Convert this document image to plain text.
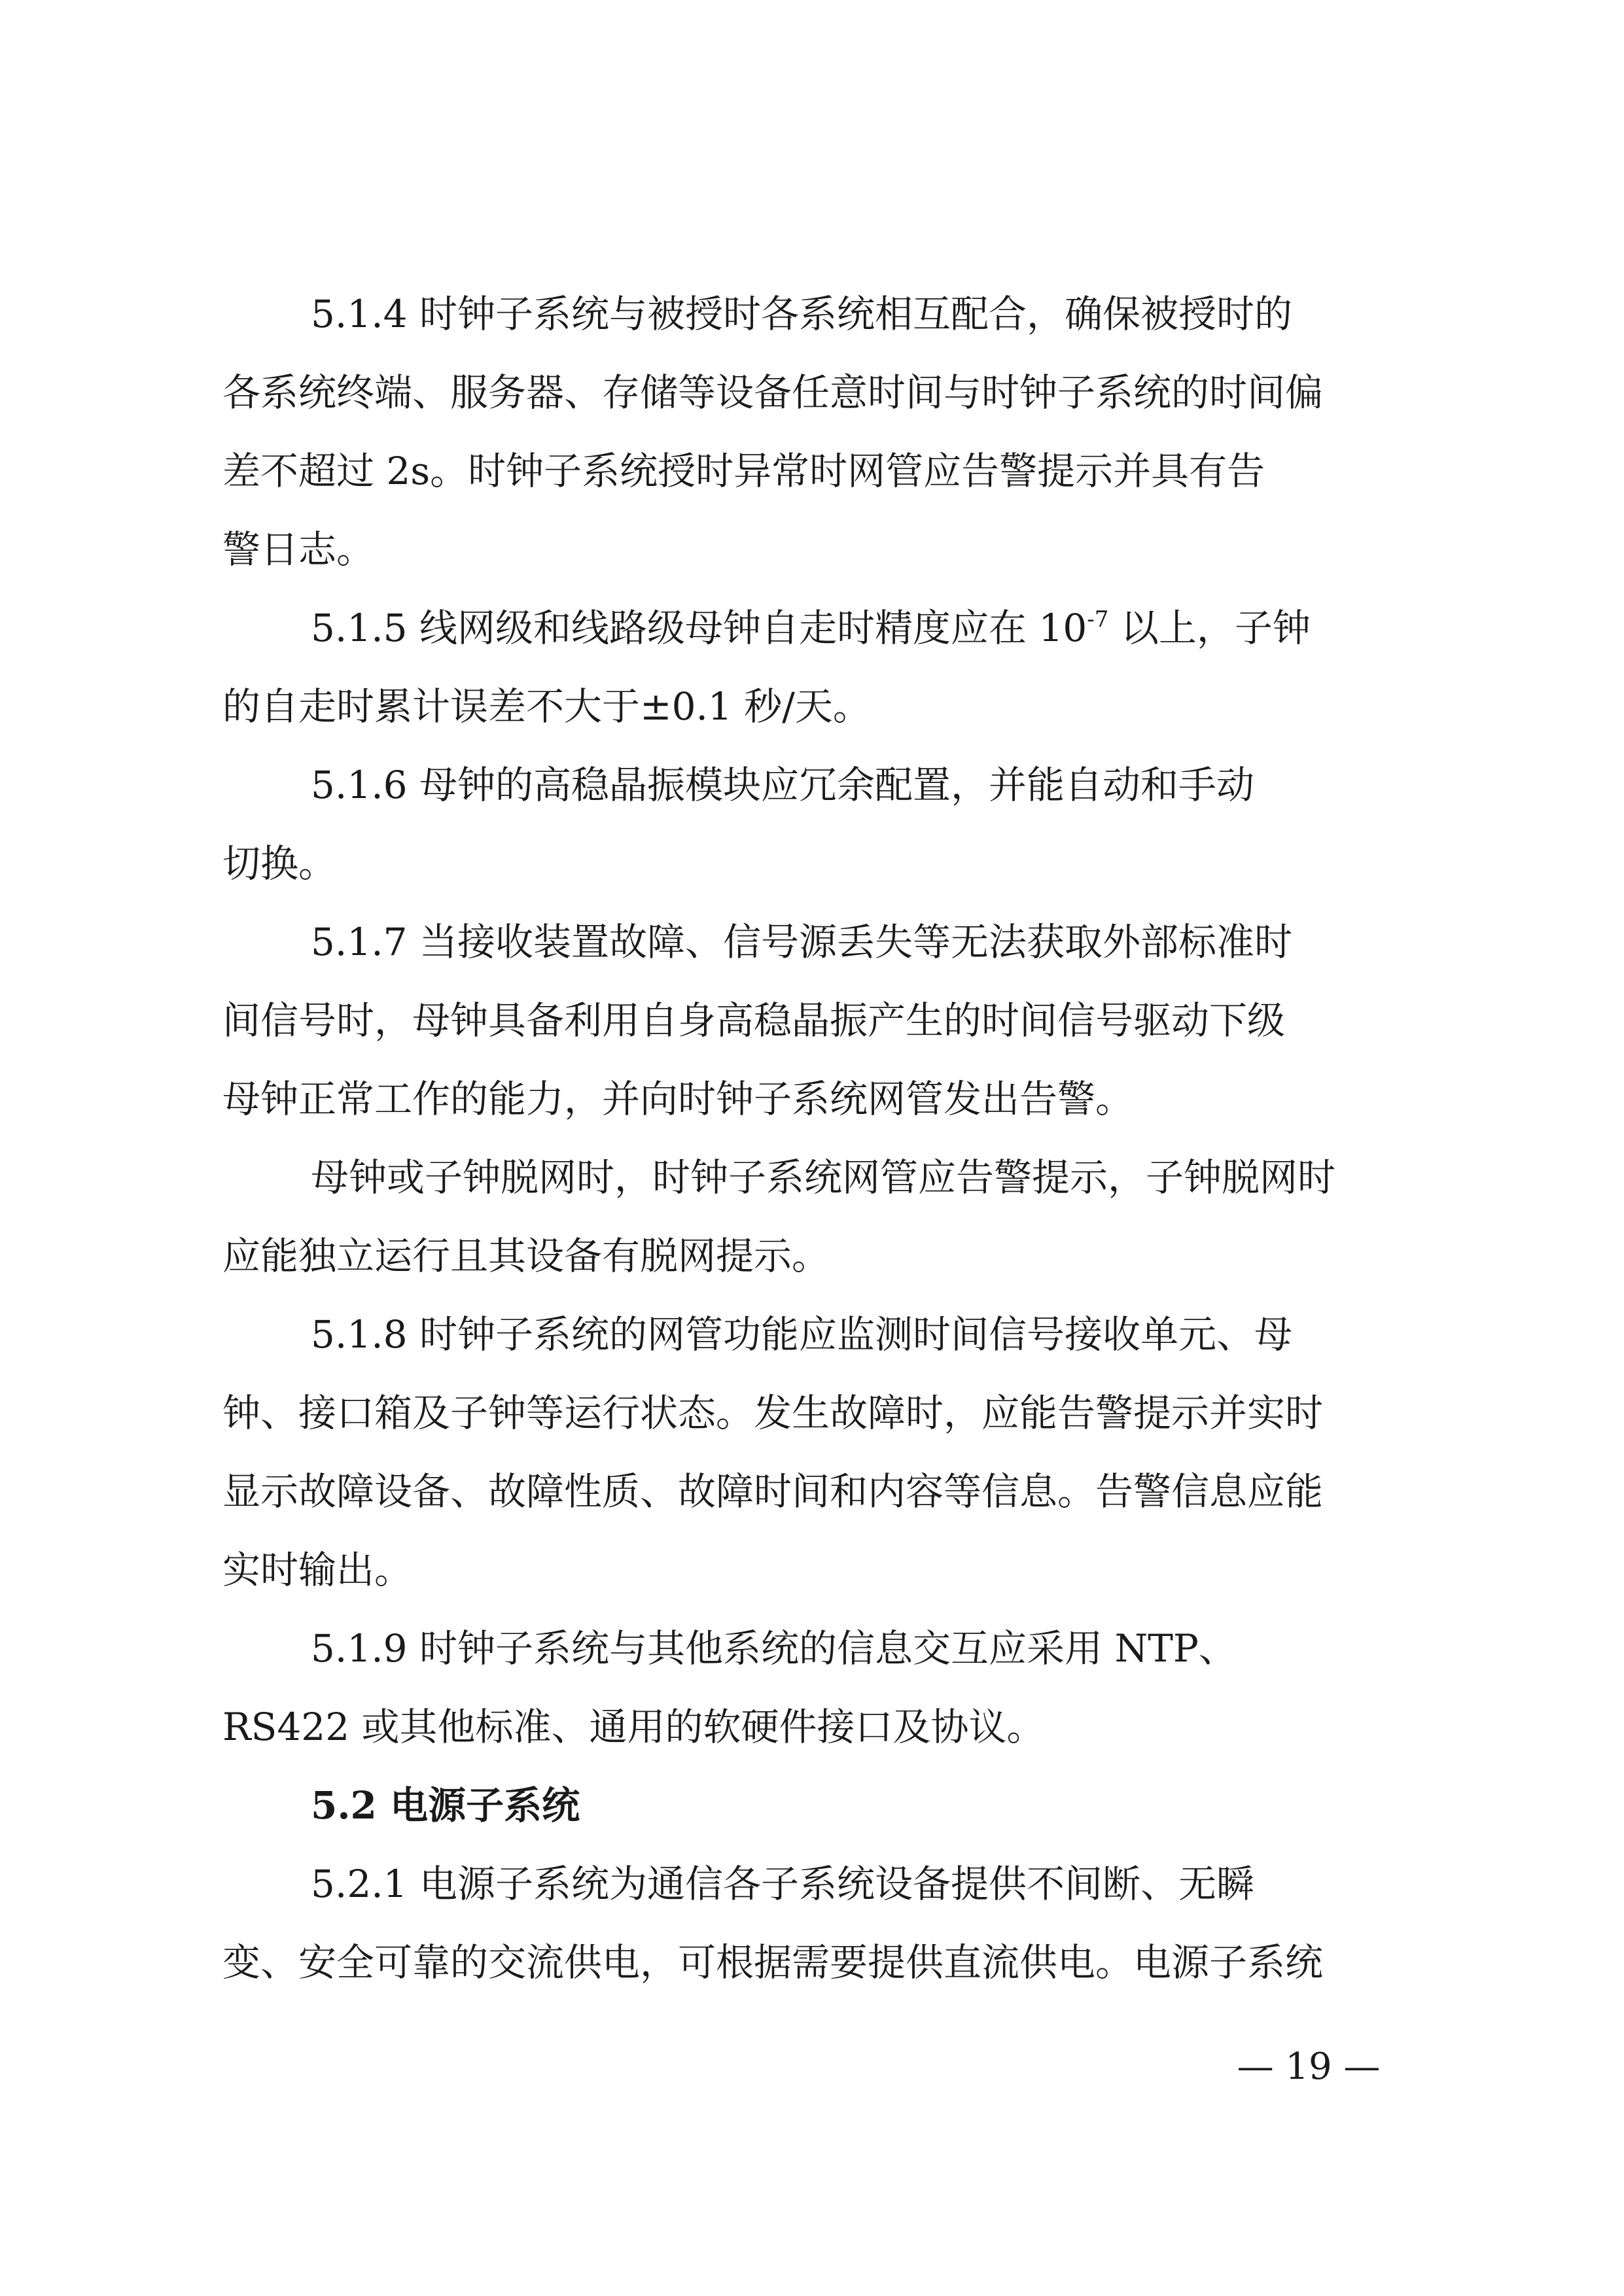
5.1.4 时钟子系统与被授时各系统相互配合，确保被授时的
各系统终端、服务器、存储等设备任意时间与时钟子系统的时间偏
差不超过 2s。时钟子系统授时异常时网管应告警提示并具有告
警日志。
5.1.5 线网级和线路级母钟自走时精度应在 $10^{-7}$ 以上，子钟
的自走时累计误差不大于±0.1 秒/天。
5.1.6 母钟的高稳晶振模块应冗余配置，并能自动和手动
切换。
5.1.7 当接收装置故障、信号源丢失等无法获取外部标准时
间信号时，母钟具备利用自身高稳晶振产生的时间信号驱动下级
母钟正常工作的能力，并向时钟子系统网管发出告警。
母钟或子钟脱网时，时钟子系统网管应告警提示，子钟脱网时
应能独立运行且其设备有脱网提示。
5.1.8 时钟子系统的网管功能应监测时间信号接收单元、母
钟、接口箱及子钟等运行状态。发生故障时，应能告警提示并实时
显示故障设备、故障性质、故障时间和内容等信息。告警信息应能
实时输出。
5.1.9 时钟子系统与其他系统的信息交互应采用 NTP、
RS422 或其他标准、通用的软硬件接口及协议。
5.2 电源子系统
5.2.1 电源子系统为通信各子系统设备提供不间断、无瞬
变、安全可靠的交流供电，可根据需要提供直流供电。电源子系统
— 19 —
